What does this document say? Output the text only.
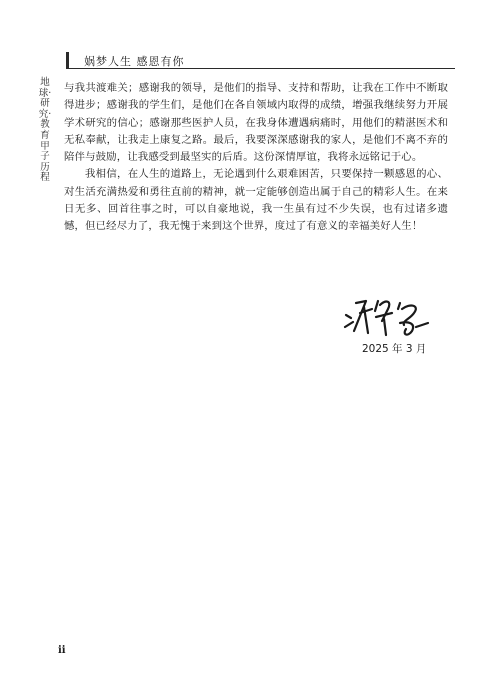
娲梦人生 感恩有你
地球·研究·教育甲子历程

与我共渡难关；感谢我的领导，是他们的指导、支持和帮助，让我在工作中不断取得进步；感谢我的学生们，是他们在各自领域内取得的成绩，增强我继续努力开展学术研究的信心；感谢那些医护人员，在我身体遭遇病痛时，用他们的精湛医术和无私奉献，让我走上康复之路。最后，我要深深感谢我的家人，是他们不离不弃的陪伴与鼓励，让我感受到最坚实的后盾。这份深情厚谊，我将永远铭记于心。

我相信，在人生的道路上，无论遇到什么艰难困苦，只要保持一颗感恩的心、对生活充满热爱和勇往直前的精神，就一定能够创造出属于自己的精彩人生。在来日无多、回首往事之时，可以自豪地说，我一生虽有过不少失误，也有过诸多遗憾，但已经尽力了，我无愧于来到这个世界，度过了有意义的幸福美好人生！

2025 年 3 月
ii
